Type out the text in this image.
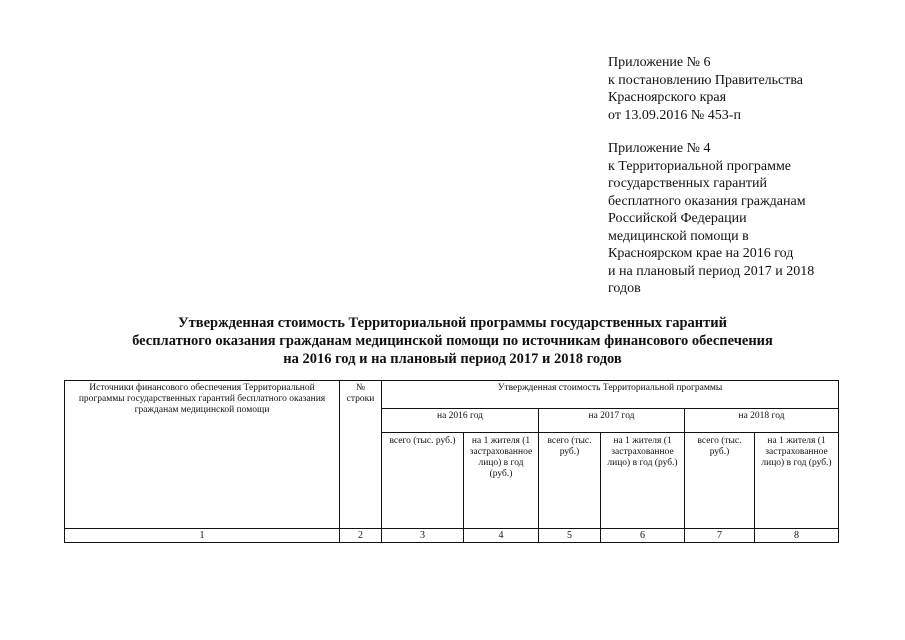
Приложение № 6
к постановлению Правительства
Красноярского края
от 13.09.2016 № 453-п
Приложение № 4
к Территориальной программе
государственных гарантий
бесплатного оказания гражданам
Российской Федерации
медицинской помощи в
Красноярском крае на 2016 год
и на плановый период 2017 и 2018
годов
Утвержденная стоимость Территориальной программы государственных гарантий
бесплатного оказания гражданам медицинской помощи по источникам финансового обеспечения
на 2016 год и на плановый период 2017 и 2018 годов
Источники финансового обеспечения Территориальной программы государственных гарантий бесплатного оказания гражданам медицинской помощи	№ строки	Утвержденная стоимость Территориальной программы					
		на 2016 год		на 2017 год		на 2018 год	
		всего (тыс. руб.)	на 1 жителя (1 застрахованное лицо) в год (руб.)	всего (тыс. руб.)	на 1 жителя (1 застрахованное лицо) в год (руб.)	всего (тыс. руб.)	на 1 жителя (1 застрахованное лицо) в год (руб.)
1	2	3	4	5	6	7	8
